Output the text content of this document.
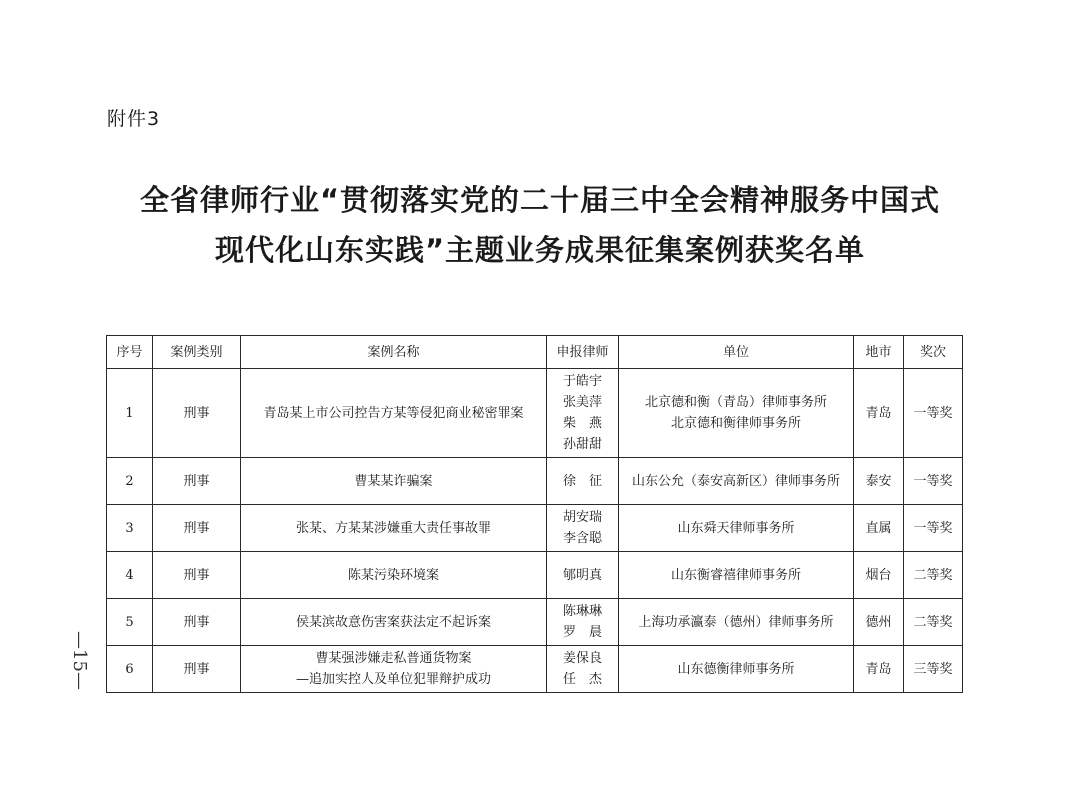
附件3
全省律师行业“贯彻落实党的二十届三中全会精神服务中国式
现代化山东实践”主题业务成果征集案例获奖名单
—15—
序号	案例类别	案例名称	申报律师	单位	地市	奖次
1	刑事	青岛某上市公司控告方某等侵犯商业秘密罪案	于皓宇
张美萍
柴　燕
孙甜甜	北京德和衡（青岛）律师事务所
北京德和衡律师事务所	青岛	一等奖
2	刑事	曹某某诈骗案	徐　征	山东公允（泰安高新区）律师事务所	泰安	一等奖
3	刑事	张某、方某某涉嫌重大责任事故罪	胡安瑞
李含聪	山东舜天律师事务所	直属	一等奖
4	刑事	陈某污染环境案	郇明真	山东衡睿禧律师事务所	烟台	二等奖
5	刑事	侯某滨故意伤害案获法定不起诉案	陈琳琳
罗　晨	上海功承瀛泰（德州）律师事务所	德州	二等奖
6	刑事	曹某强涉嫌走私普通货物案
—追加实控人及单位犯罪辩护成功	姜保良
任　杰	山东德衡律师事务所	青岛	三等奖
